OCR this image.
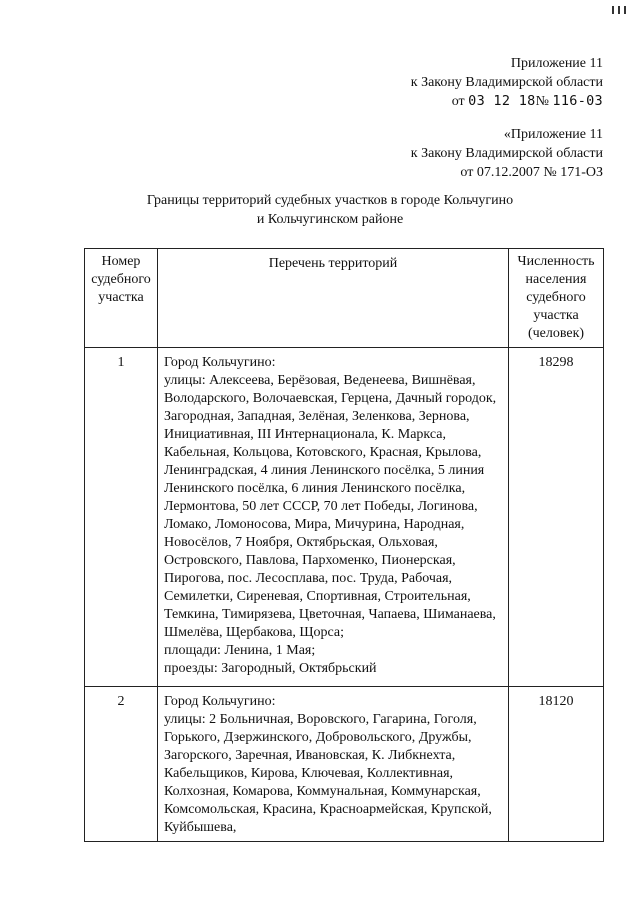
Приложение 11
к Закону Владимирской области
от 03 12 18№ 116-03
«Приложение 11
к Закону Владимирской области
от 07.12.2007 № 171-ОЗ
Границы территорий судебных участков в городе Кольчугино
и Кольчугинском районе
Номер судебного участка	Перечень территорий	Численность населения судебного участка (человек)
1	Город Кольчугино:
улицы: Алексеева, Берёзовая, Веденеева, Вишнёвая, Володарского, Волочаевская, Герцена, Дачный городок, Загородная, Западная, Зелёная, Зеленкова, Зернова, Инициативная, III Интернационала, К. Маркса, Кабельная, Кольцова, Котовского, Красная, Крылова, Ленинградская, 4 линия Ленинского посёлка, 5 линия Ленинского посёлка, 6 линия Ленинского посёлка, Лермонтова, 50 лет СССР, 70 лет Победы, Логинова, Ломако, Ломоносова, Мира, Мичурина, Народная, Новосёлов, 7 Ноября, Октябрьская, Ольховая, Островского, Павлова, Пархоменко, Пионерская, Пирогова, пос. Лесосплава, пос. Труда, Рабочая, Семилетки, Сиреневая, Спортивная, Строительная, Темкина, Тимирязева, Цветочная, Чапаева, Шиманаева, Шмелёва, Щербакова, Щорса;
площади: Ленина, 1 Мая;
проезды: Загородный, Октябрьский	18298
2	Город Кольчугино:
улицы: 2 Больничная, Воровского, Гагарина, Гоголя, Горького, Дзержинского, Добровольского, Дружбы, Загорского, Заречная, Ивановская, К. Либкнехта, Кабельщиков, Кирова, Ключевая, Коллективная, Колхозная, Комарова, Коммунальная, Коммунарская, Комсомольская, Красина, Красноармейская, Крупской, Куйбышева,	18120
